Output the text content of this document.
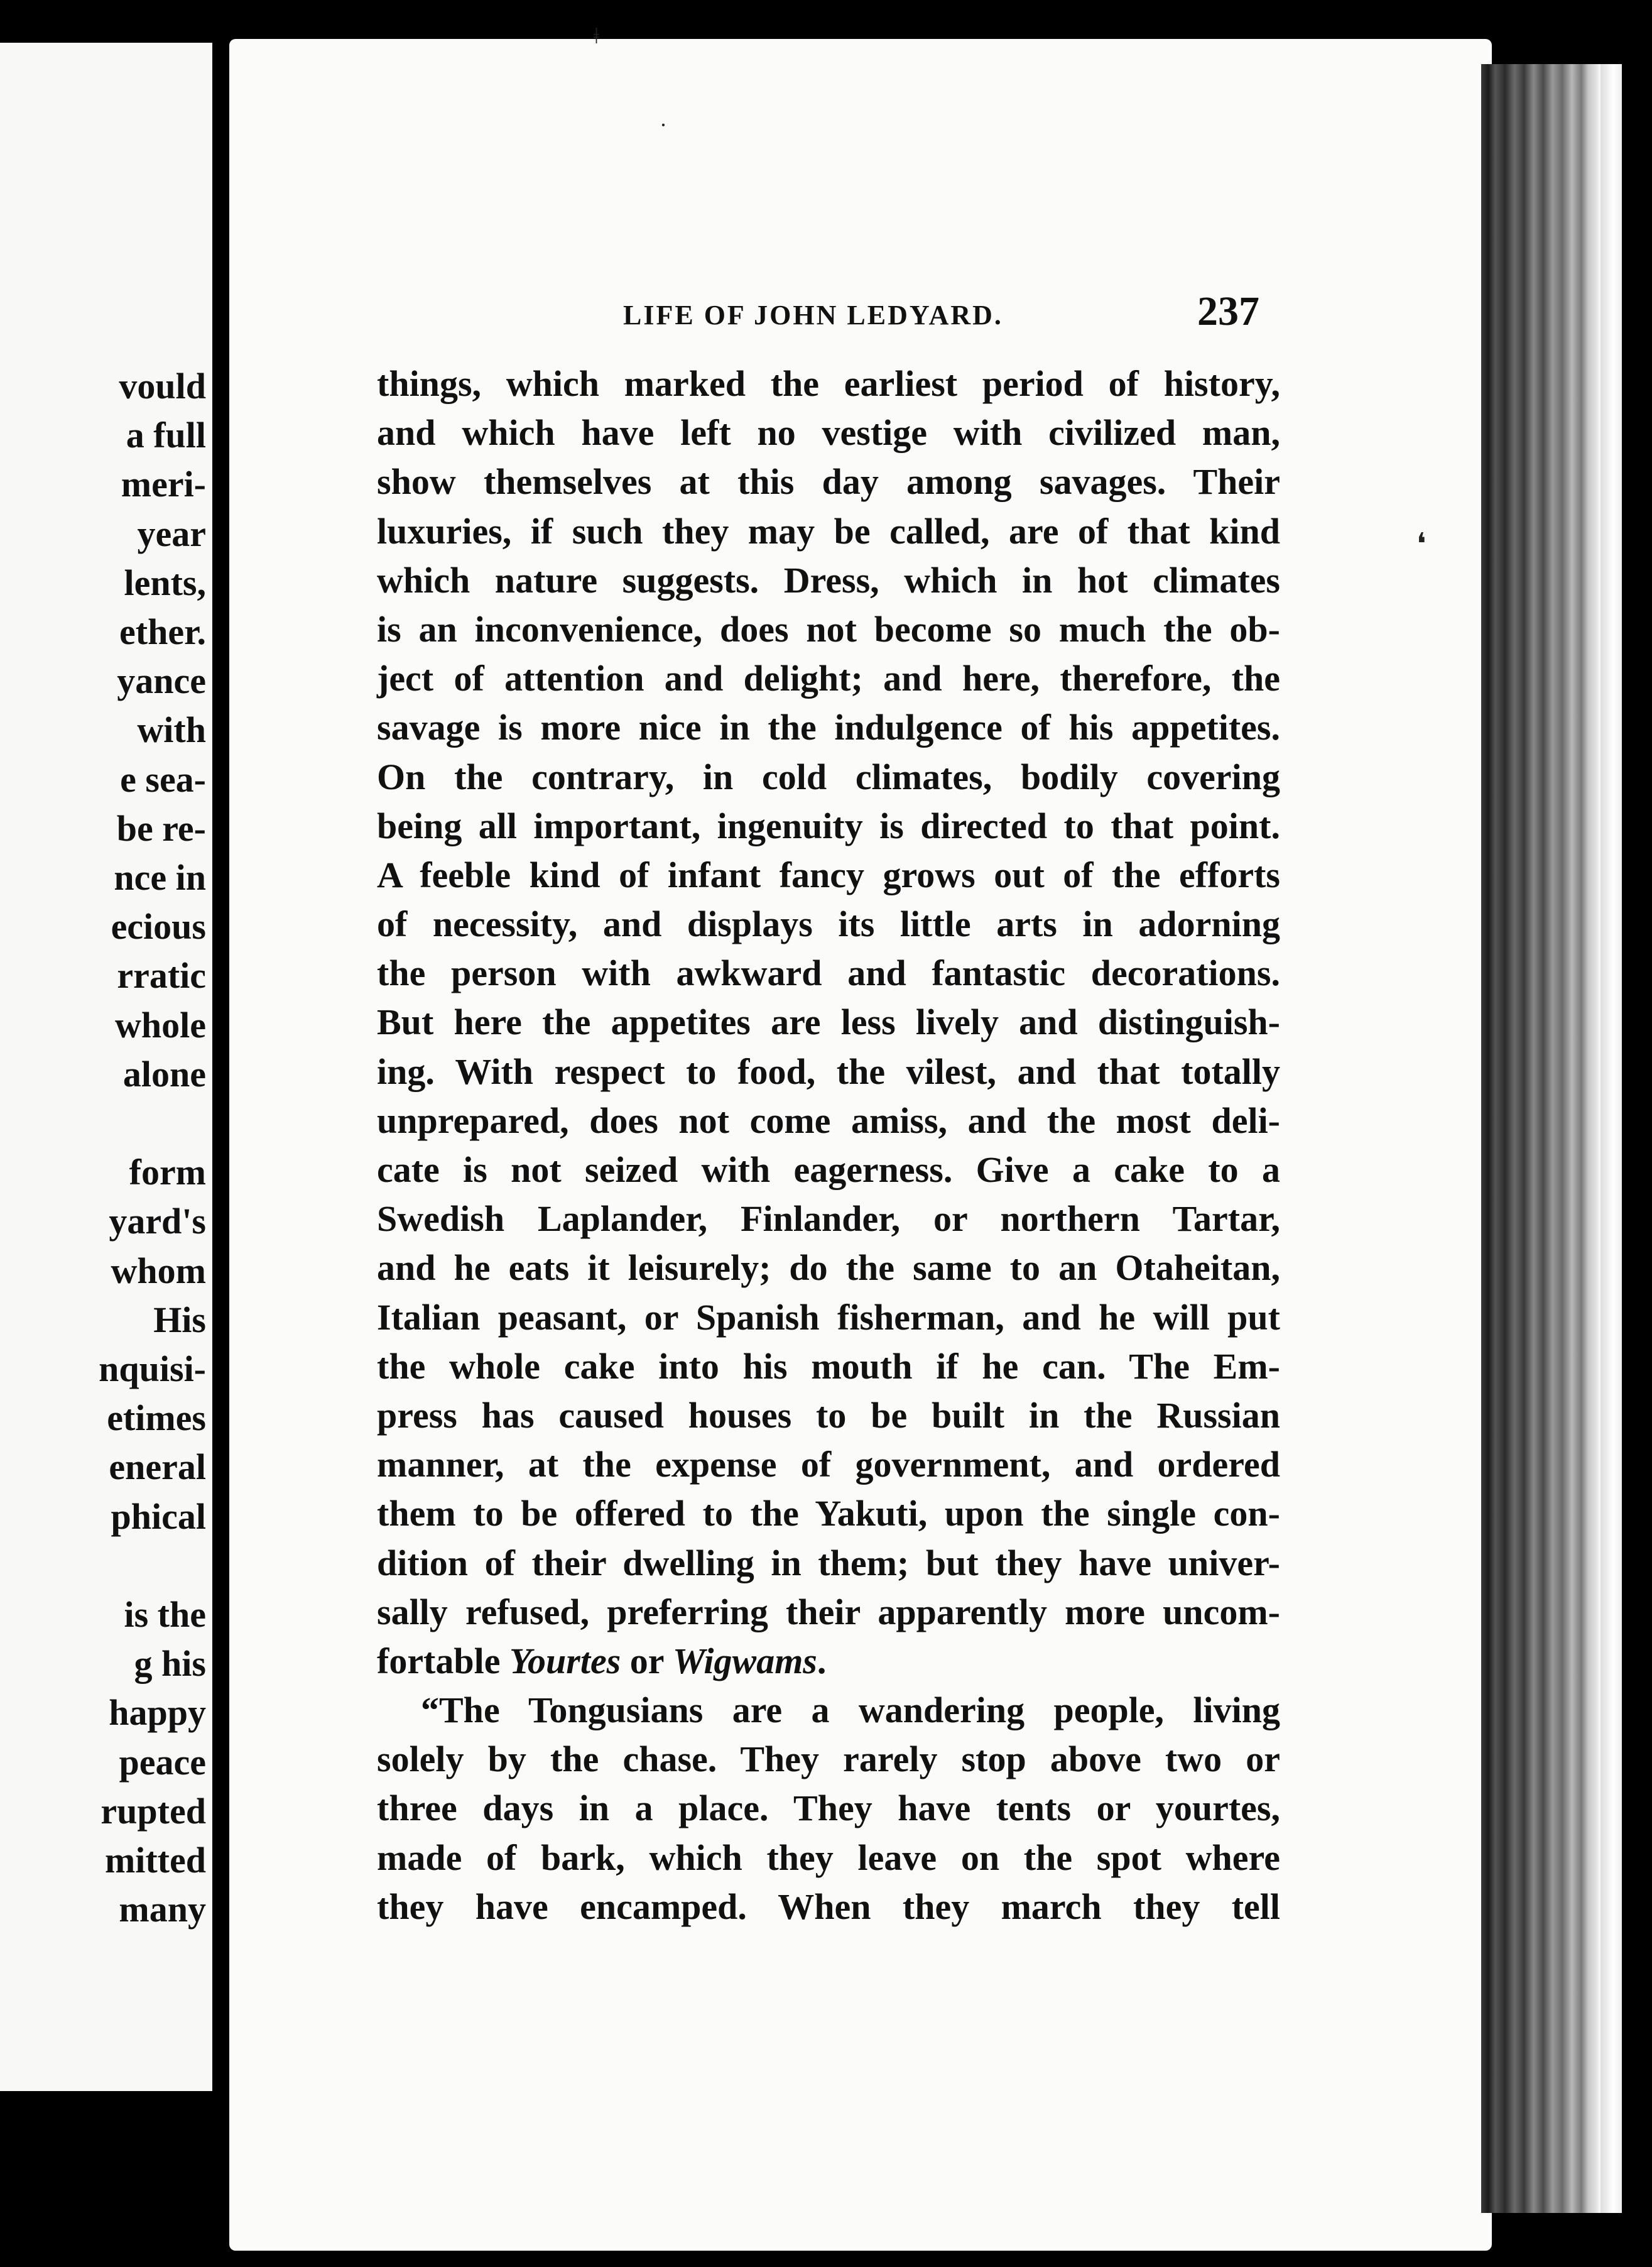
vould
a full
meri-
year
lents,
ether.
yance
with
e sea-
be re-
nce in
ecious
rratic
whole
alone
form
yard's
whom
His
nquisi-
etimes
eneral
phical
is the
g his
happy
peace
rupted
mitted
many
ǂ
·
❛
LIFE OF JOHN LEDYARD.	237
things, which marked the earliest period of history,
and which have left no vestige with civilized man,
show themselves at this day among savages. Their
luxuries, if such they may be called, are of that kind
which nature suggests. Dress, which in hot climates
is an inconvenience, does not become so much the ob-
ject of attention and delight; and here, therefore, the
savage is more nice in the indulgence of his appetites.
On the contrary, in cold climates, bodily covering
being all important, ingenuity is directed to that point.
A feeble kind of infant fancy grows out of the efforts
of necessity, and displays its little arts in adorning
the person with awkward and fantastic decorations.
But here the appetites are less lively and distinguish-
ing. With respect to food, the vilest, and that totally
unprepared, does not come amiss, and the most deli-
cate is not seized with eagerness. Give a cake to a
Swedish Laplander, Finlander, or northern Tartar,
and he eats it leisurely; do the same to an Otaheitan,
Italian peasant, or Spanish fisherman, and he will put
the whole cake into his mouth if he can. The Em-
press has caused houses to be built in the Russian
manner, at the expense of government, and ordered
them to be offered to the Yakuti, upon the single con-
dition of their dwelling in them; but they have univer-
sally refused, preferring their apparently more uncom-
fortable Yourtes or Wigwams.
“The Tongusians are a wandering people, living
solely by the chase. They rarely stop above two or
three days in a place. They have tents or yourtes,
made of bark, which they leave on the spot where
they have encamped. When they march they tell
